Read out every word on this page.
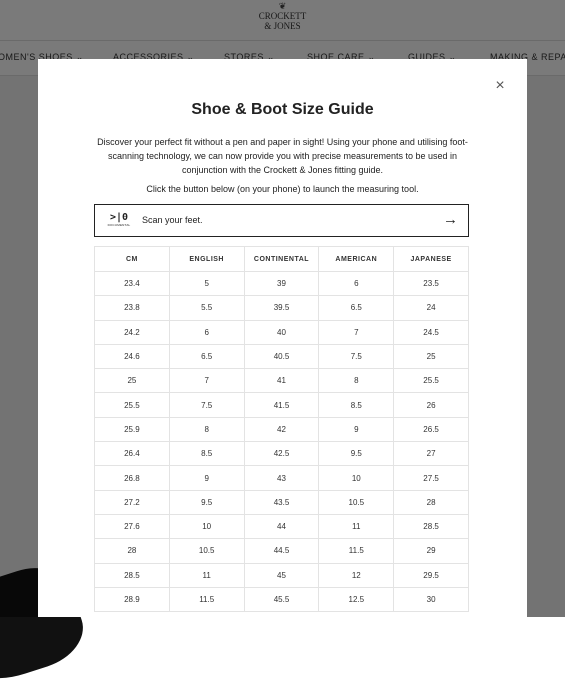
×
Shoe & Boot Size Guide
Discover your perfect fit without a pen and paper in sight! Using your phone and utilising foot-scanning technology, we can now provide you with precise measurements to be used in conjunction with the Crockett & Jones fitting guide.
Click the button below (on your phone) to launch the measuring tool.
>|0
DOCUMENTAL Scan your feet.	→
CM	ENGLISH	CONTINENTAL	AMERICAN	JAPANESE
23.4	5	39	6	23.5
23.8	5.5	39.5	6.5	24
24.2	6	40	7	24.5
24.6	6.5	40.5	7.5	25
25	7	41	8	25.5
25.5	7.5	41.5	8.5	26
25.9	8	42	9	26.5
26.4	8.5	42.5	9.5	27
26.8	9	43	10	27.5
27.2	9.5	43.5	10.5	28
27.6	10	44	11	28.5
28	10.5	44.5	11.5	29
28.5	11	45	12	29.5
28.9	11.5	45.5	12.5	30
